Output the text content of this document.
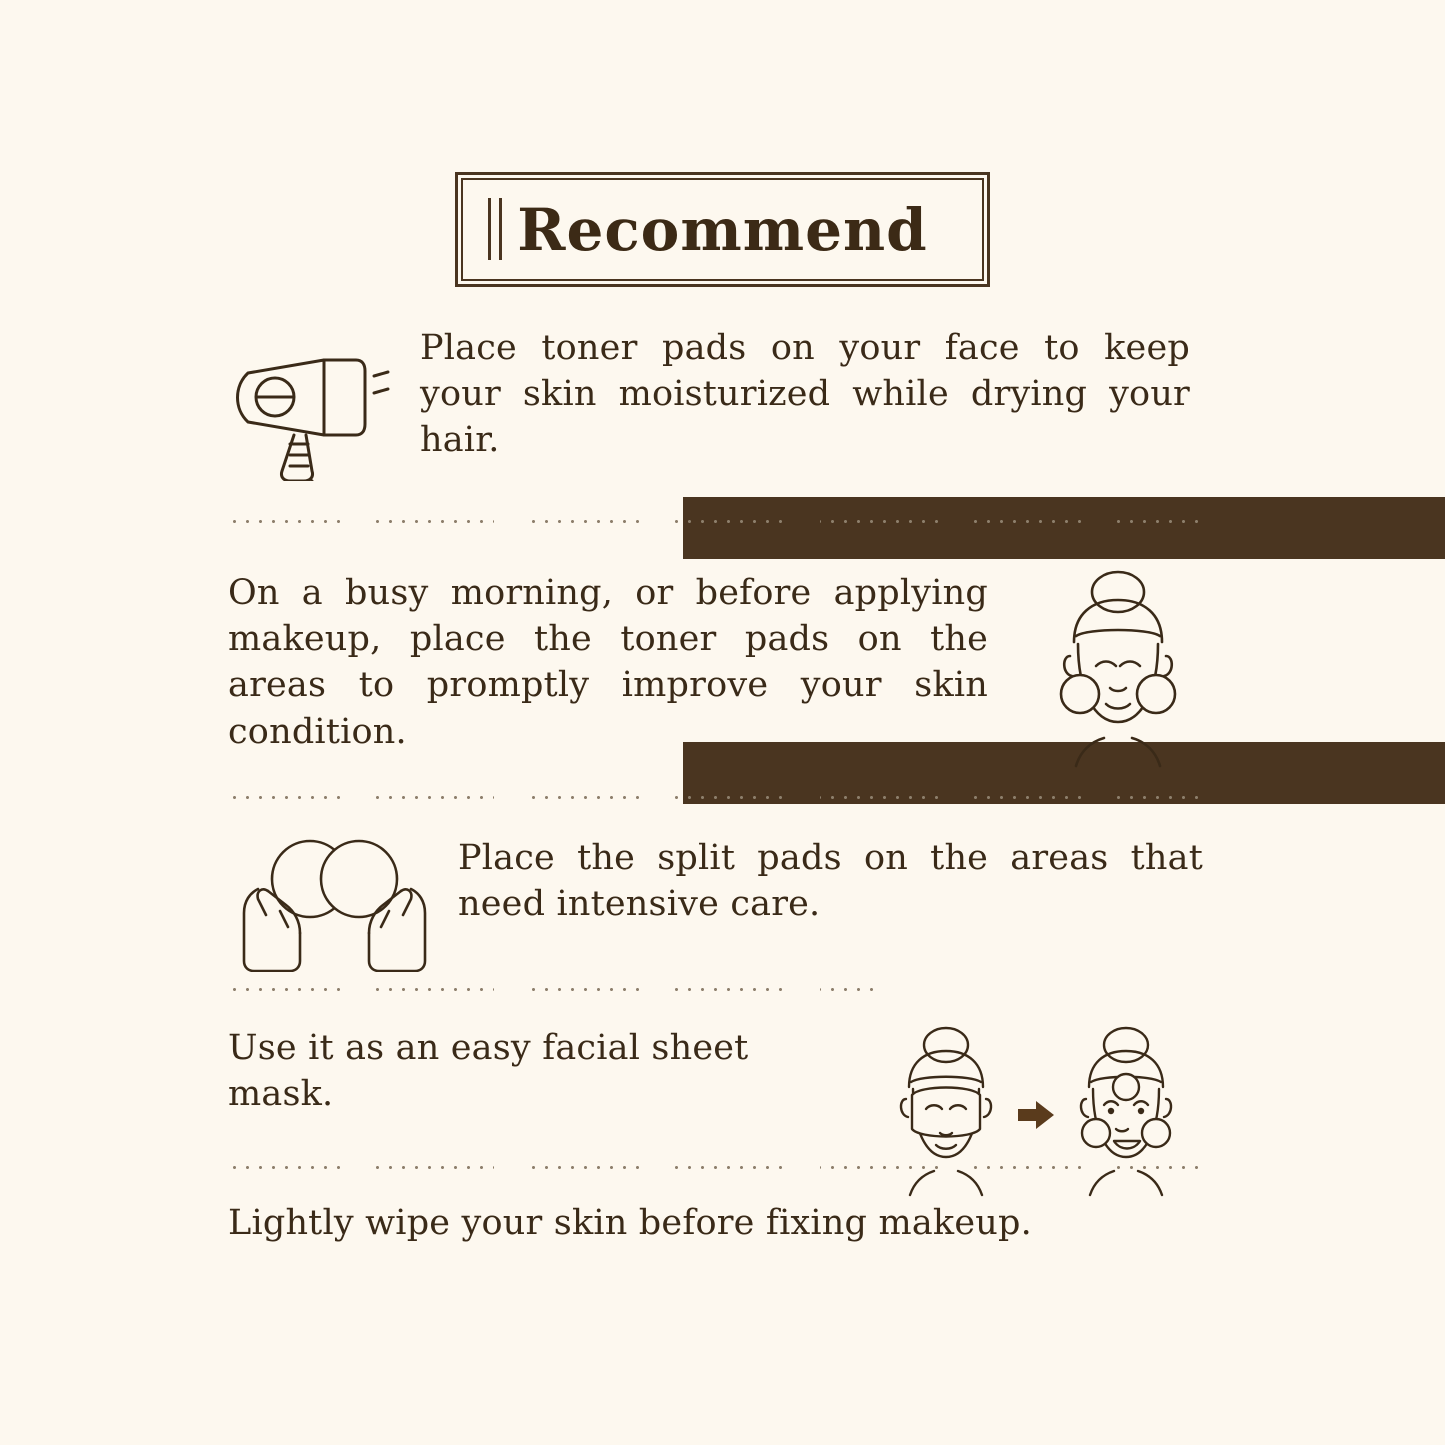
Recommend
Place toner pads on your face to keep your skin moisturized while drying your hair.
On a busy morning, or before applying makeup, place the toner pads on the areas to promptly improve your skin condition.
Place the split pads on the areas that need intensive care.
Use it as an easy facial sheet mask.
Lightly wipe your skin before fixing makeup.
